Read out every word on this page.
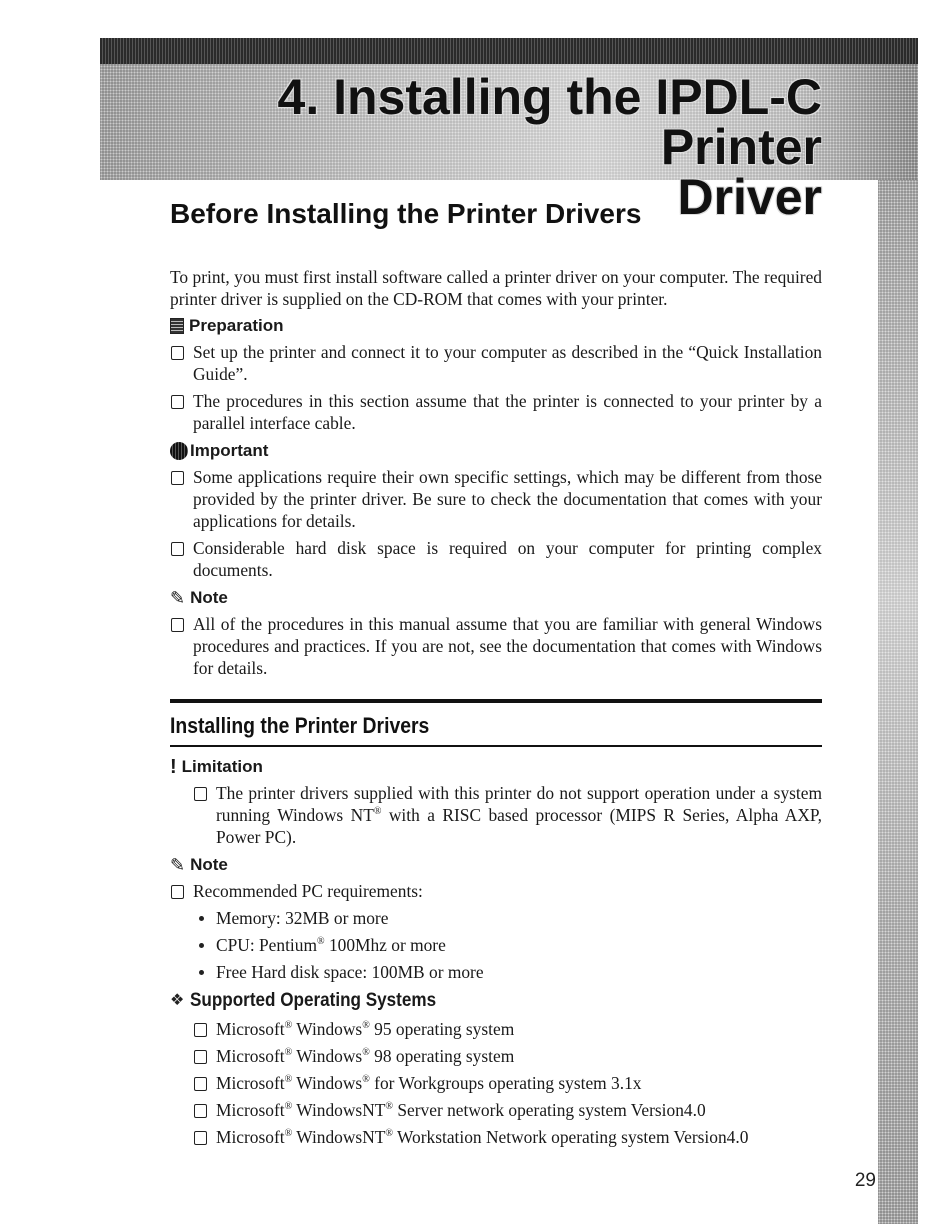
4. Installing the IPDL-C Printer
Driver
Before Installing the Printer Drivers

To print, you must first install software called a printer driver on your computer. The required printer driver is supplied on the CD-ROM that comes with your printer.

Preparation
Set up the printer and connect it to your computer as described in the “Quick Installation Guide”.
The procedures in this section assume that the printer is connected to your printer by a parallel interface cable.
Important
Some applications require their own specific settings, which may be different from those provided by the printer driver. Be sure to check the documentation that comes with your applications for details.
Considerable hard disk space is required on your computer for printing complex documents.
✎ Note
All of the procedures in this manual assume that you are familiar with general Windows procedures and practices. If you are not, see the documentation that comes with Windows for details.
Installing the Printer Drivers
! Limitation
The printer drivers supplied with this printer do not support operation under a system running Windows NT® with a RISC based processor (MIPS R Series, Alpha AXP, Power PC).
✎ Note
Recommended PC requirements:
Memory: 32MB or more
CPU: Pentium® 100Mhz or more
Free Hard disk space: 100MB or more
❖ Supported Operating Systems
Microsoft® Windows® 95 operating system
Microsoft® Windows® 98 operating system
Microsoft® Windows® for Workgroups operating system 3.1x
Microsoft® WindowsNT® Server network operating system Version4.0
Microsoft® WindowsNT® Workstation Network operating system Version4.0
29
